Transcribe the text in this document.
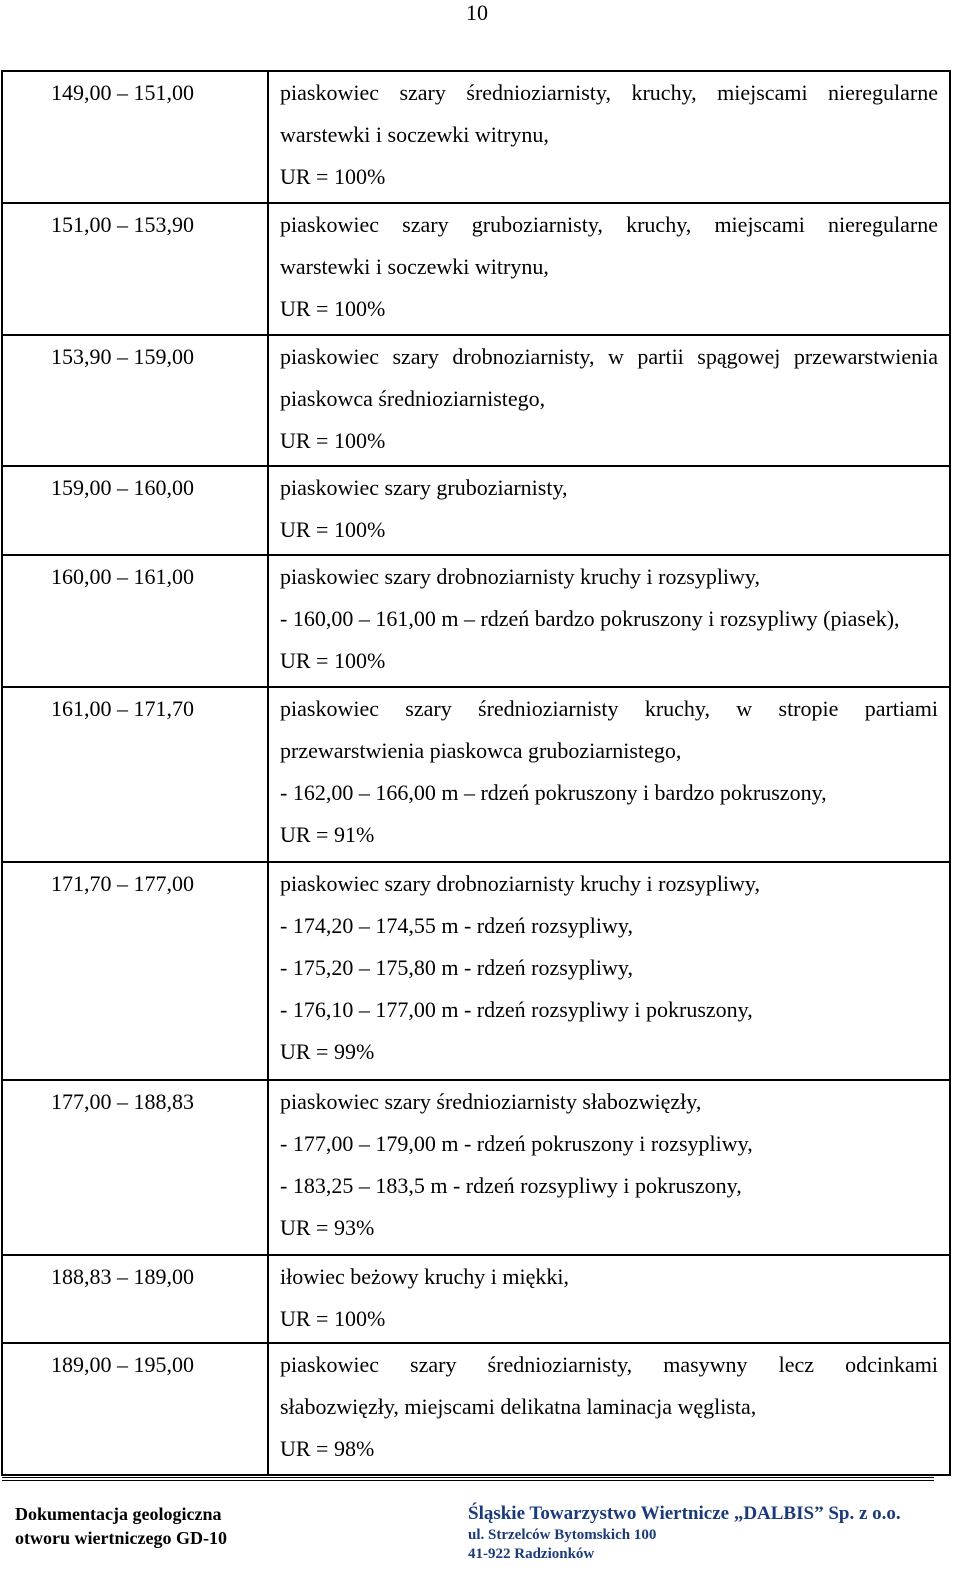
10
149,00 – 151,00	piaskowiec szary średnioziarnisty, kruchy, miejscami nieregularne
warstewki i soczewki witrynu,
UR = 100%

151,00 – 153,90	piaskowiec szary gruboziarnisty, kruchy, miejscami nieregularne
warstewki i soczewki witrynu,
UR = 100%

153,90 – 159,00	piaskowiec szary drobnoziarnisty, w partii spągowej przewarstwienia
piaskowca średnioziarnistego,
UR = 100%

159,00 – 160,00	piaskowiec szary gruboziarnisty,
UR = 100%

160,00 – 161,00	piaskowiec szary drobnoziarnisty kruchy i rozsypliwy,
- 160,00 – 161,00 m – rdzeń bardzo pokruszony i rozsypliwy (piasek),
UR = 100%

161,00 – 171,70	piaskowiec szary średnioziarnisty kruchy, w stropie partiami
przewarstwienia piaskowca gruboziarnistego,
- 162,00 – 166,00 m – rdzeń pokruszony i bardzo pokruszony,
UR = 91%

171,70 – 177,00	piaskowiec szary drobnoziarnisty kruchy i rozsypliwy,
- 174,20 – 174,55 m - rdzeń rozsypliwy,
- 175,20 – 175,80 m - rdzeń rozsypliwy,
- 176,10 – 177,00 m - rdzeń rozsypliwy i pokruszony,
UR = 99%

177,00 – 188,83	piaskowiec szary średnioziarnisty słabozwięzły,
- 177,00 – 179,00 m - rdzeń pokruszony i rozsypliwy,
- 183,25 – 183,5 m - rdzeń rozsypliwy i pokruszony,
UR = 93%

188,83 – 189,00	iłowiec beżowy kruchy i miękki,
UR = 100%

189,00 – 195,00	piaskowiec szary średnioziarnisty, masywny lecz odcinkami
słabozwięzły, miejscami delikatna laminacja węglista,
UR = 98%
Dokumentacja geologiczna
otworu wiertniczego GD-10
Śląskie Towarzystwo Wiertnicze „DALBIS” Sp. z o.o.
ul. Strzelców Bytomskich 100
41-922 Radzionków
